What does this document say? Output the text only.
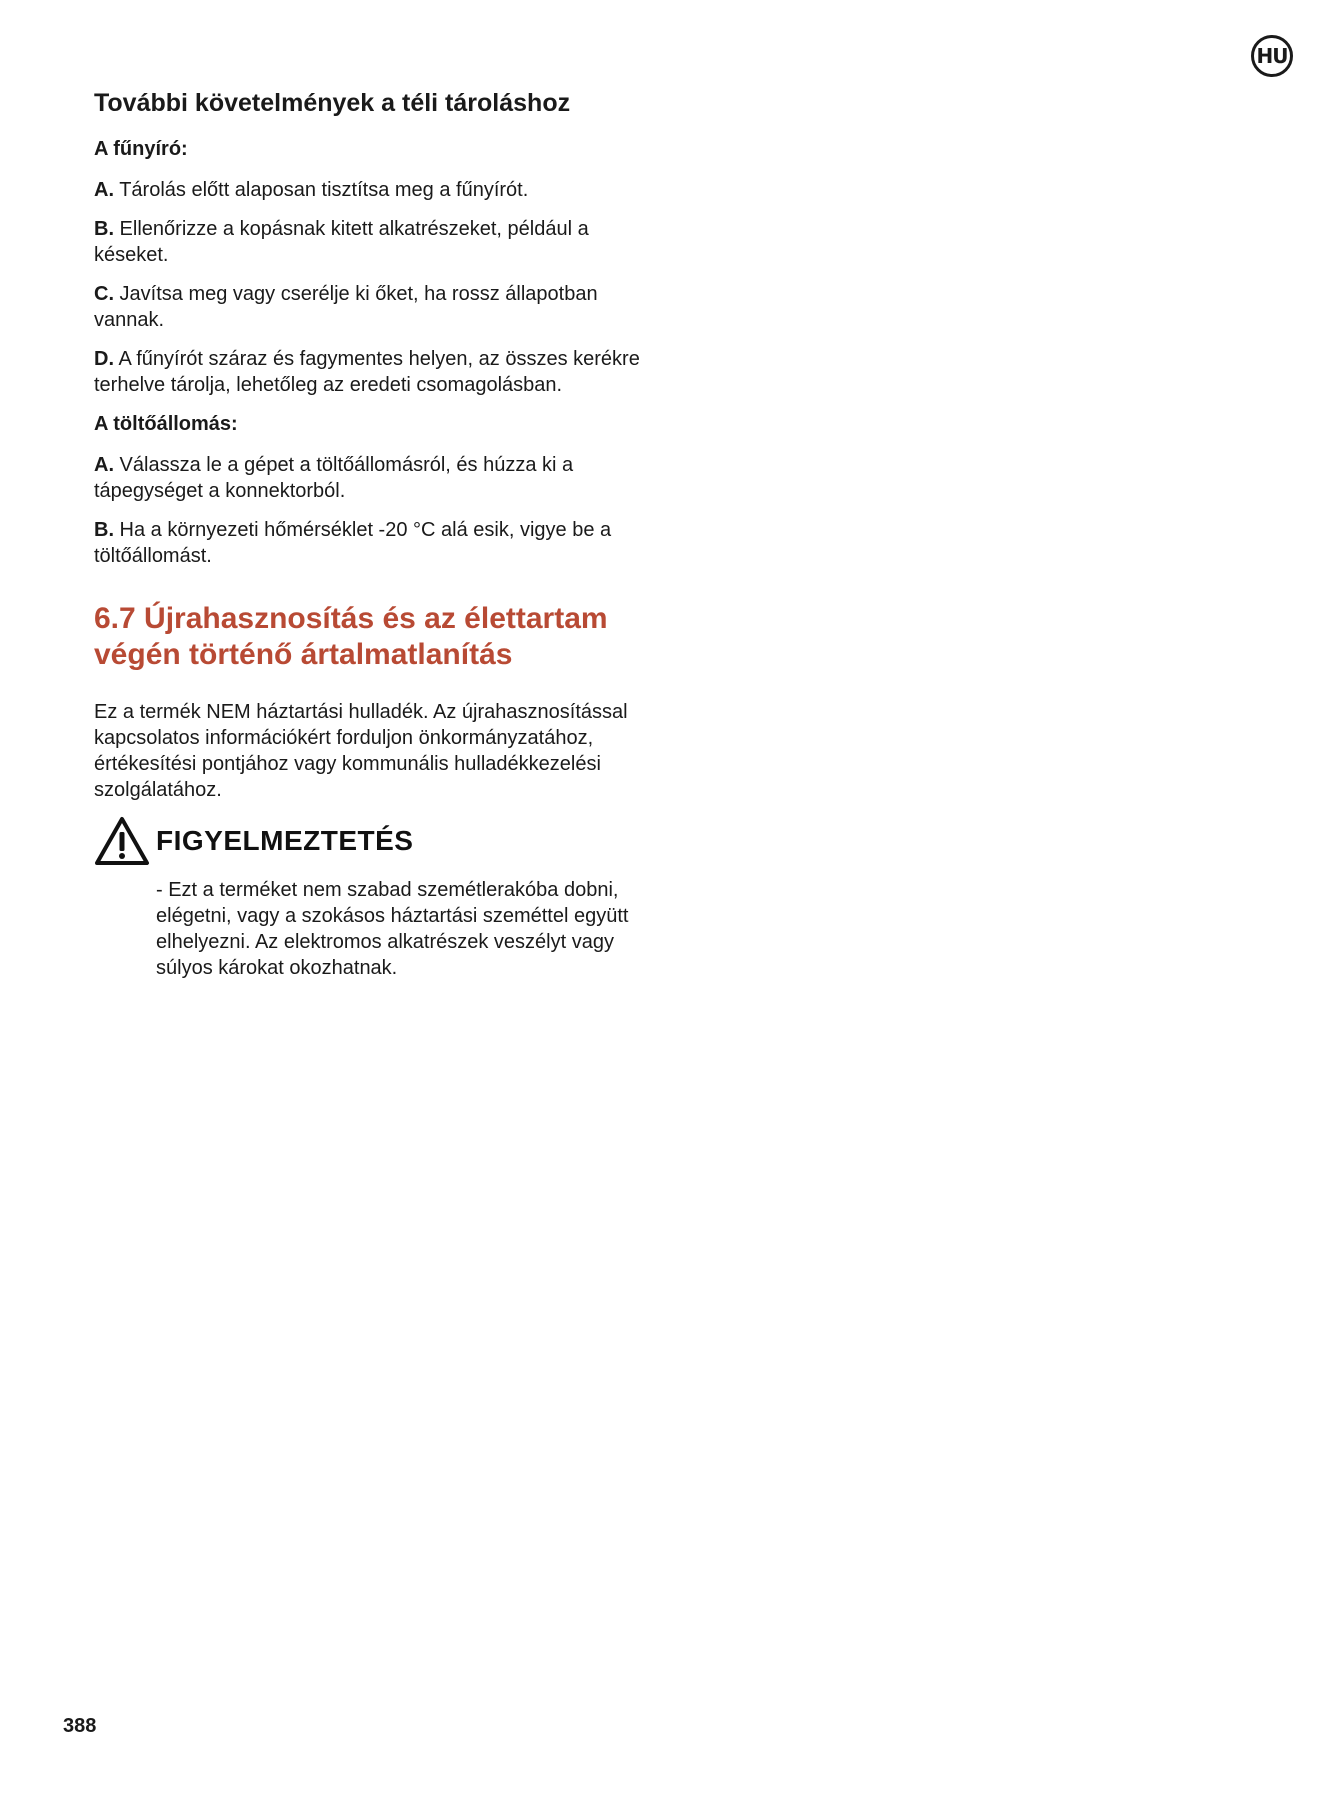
HU
További követelmények a téli tároláshoz
A fűnyíró:

A. Tárolás előtt alaposan tisztítsa meg a fűnyírót.

B. Ellenőrizze a kopásnak kitett alkatrészeket, például a késeket.

C. Javítsa meg vagy cserélje ki őket, ha rossz állapotban vannak.

D. A fűnyírót száraz és fagymentes helyen, az összes kerékre terhelve tárolja, lehetőleg az eredeti csomagolásban.

A töltőállomás:

A. Válassza le a gépet a töltőállomásról, és húzza ki a tápegységet a konnektorból.

B. Ha a környezeti hőmérséklet -20 °C alá esik, vigye be a töltőállomást.

6.7 Újrahasznosítás és az élettartam végén történő ártalmatlanítás

Ez a termék NEM háztartási hulladék. Az újrahasznosítással kapcsolatos információkért forduljon önkormányzatához, értékesítési pontjához vagy kommunális hulladékkezelési szolgálatához.

FIGYELMEZTETÉS
- Ezt a terméket nem szabad szemétlerakóba dobni, elégetni, vagy a szokásos háztartási szeméttel együtt elhelyezni. Az elektromos alkatrészek veszélyt vagy súlyos károkat okozhatnak.
388
